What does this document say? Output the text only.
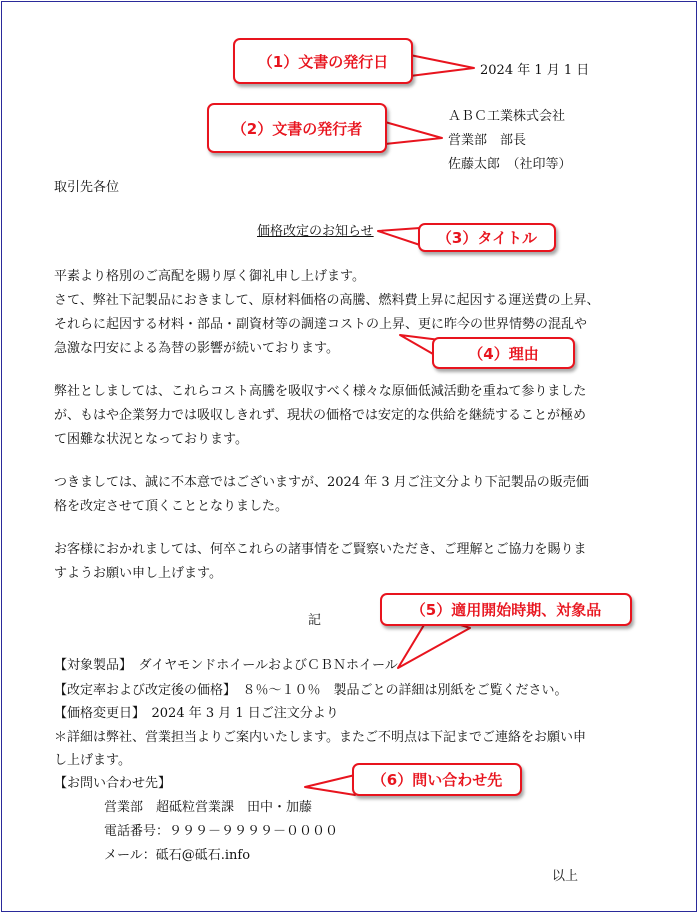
2024 年 1 月 1 日
ＡＢＣ工業株式会社
営業部　部長
佐藤太郎　（社印等）
取引先各位
価格改定のお知らせ
平素より格別のご高配を賜り厚く御礼申し上げます。
さて、弊社下記製品におきまして、原材料価格の高騰、燃料費上昇に起因する運送費の上昇、
それらに起因する材料・部品・副資材等の調達コストの上昇、更に昨今の世界情勢の混乱や
急激な円安による為替の影響が続いております。
弊社としましては、これらコスト高騰を吸収すべく様々な原価低減活動を重ねて参りました
が、もはや企業努力では吸収しきれず、現状の価格では安定的な供給を継続することが極め
て困難な状況となっております。
つきましては、誠に不本意ではございますが、2024 年 3 月ご注文分より下記製品の販売価
格を改定させて頂くこととなりました。
お客様におかれましては、何卒これらの諸事情をご賢察いただき、ご理解とご協力を賜りま
すようお願い申し上げます。
記
【対象製品】　ダイヤモンドホイールおよびＣＢＮホイール
【改定率および改定後の価格】　８％～１０％　製品ごとの詳細は別紙をご覧ください。
【価格変更日】　2024 年 3 月 1 日ご注文分より
＊詳細は弊社、営業担当よりご案内いたします。またご不明点は下記までご連絡をお願い申
し上げます。
【お問い合わせ先】
営業部　超砥粒営業課　田中・加藤
電話番号：９９９－９９９９－００００
メール：砥石@砥石.info
以上
（1）文書の発行日
（2）文書の発行者
（3）タイトル
（4）理由
（5）適用開始時期、対象品
（6）問い合わせ先
